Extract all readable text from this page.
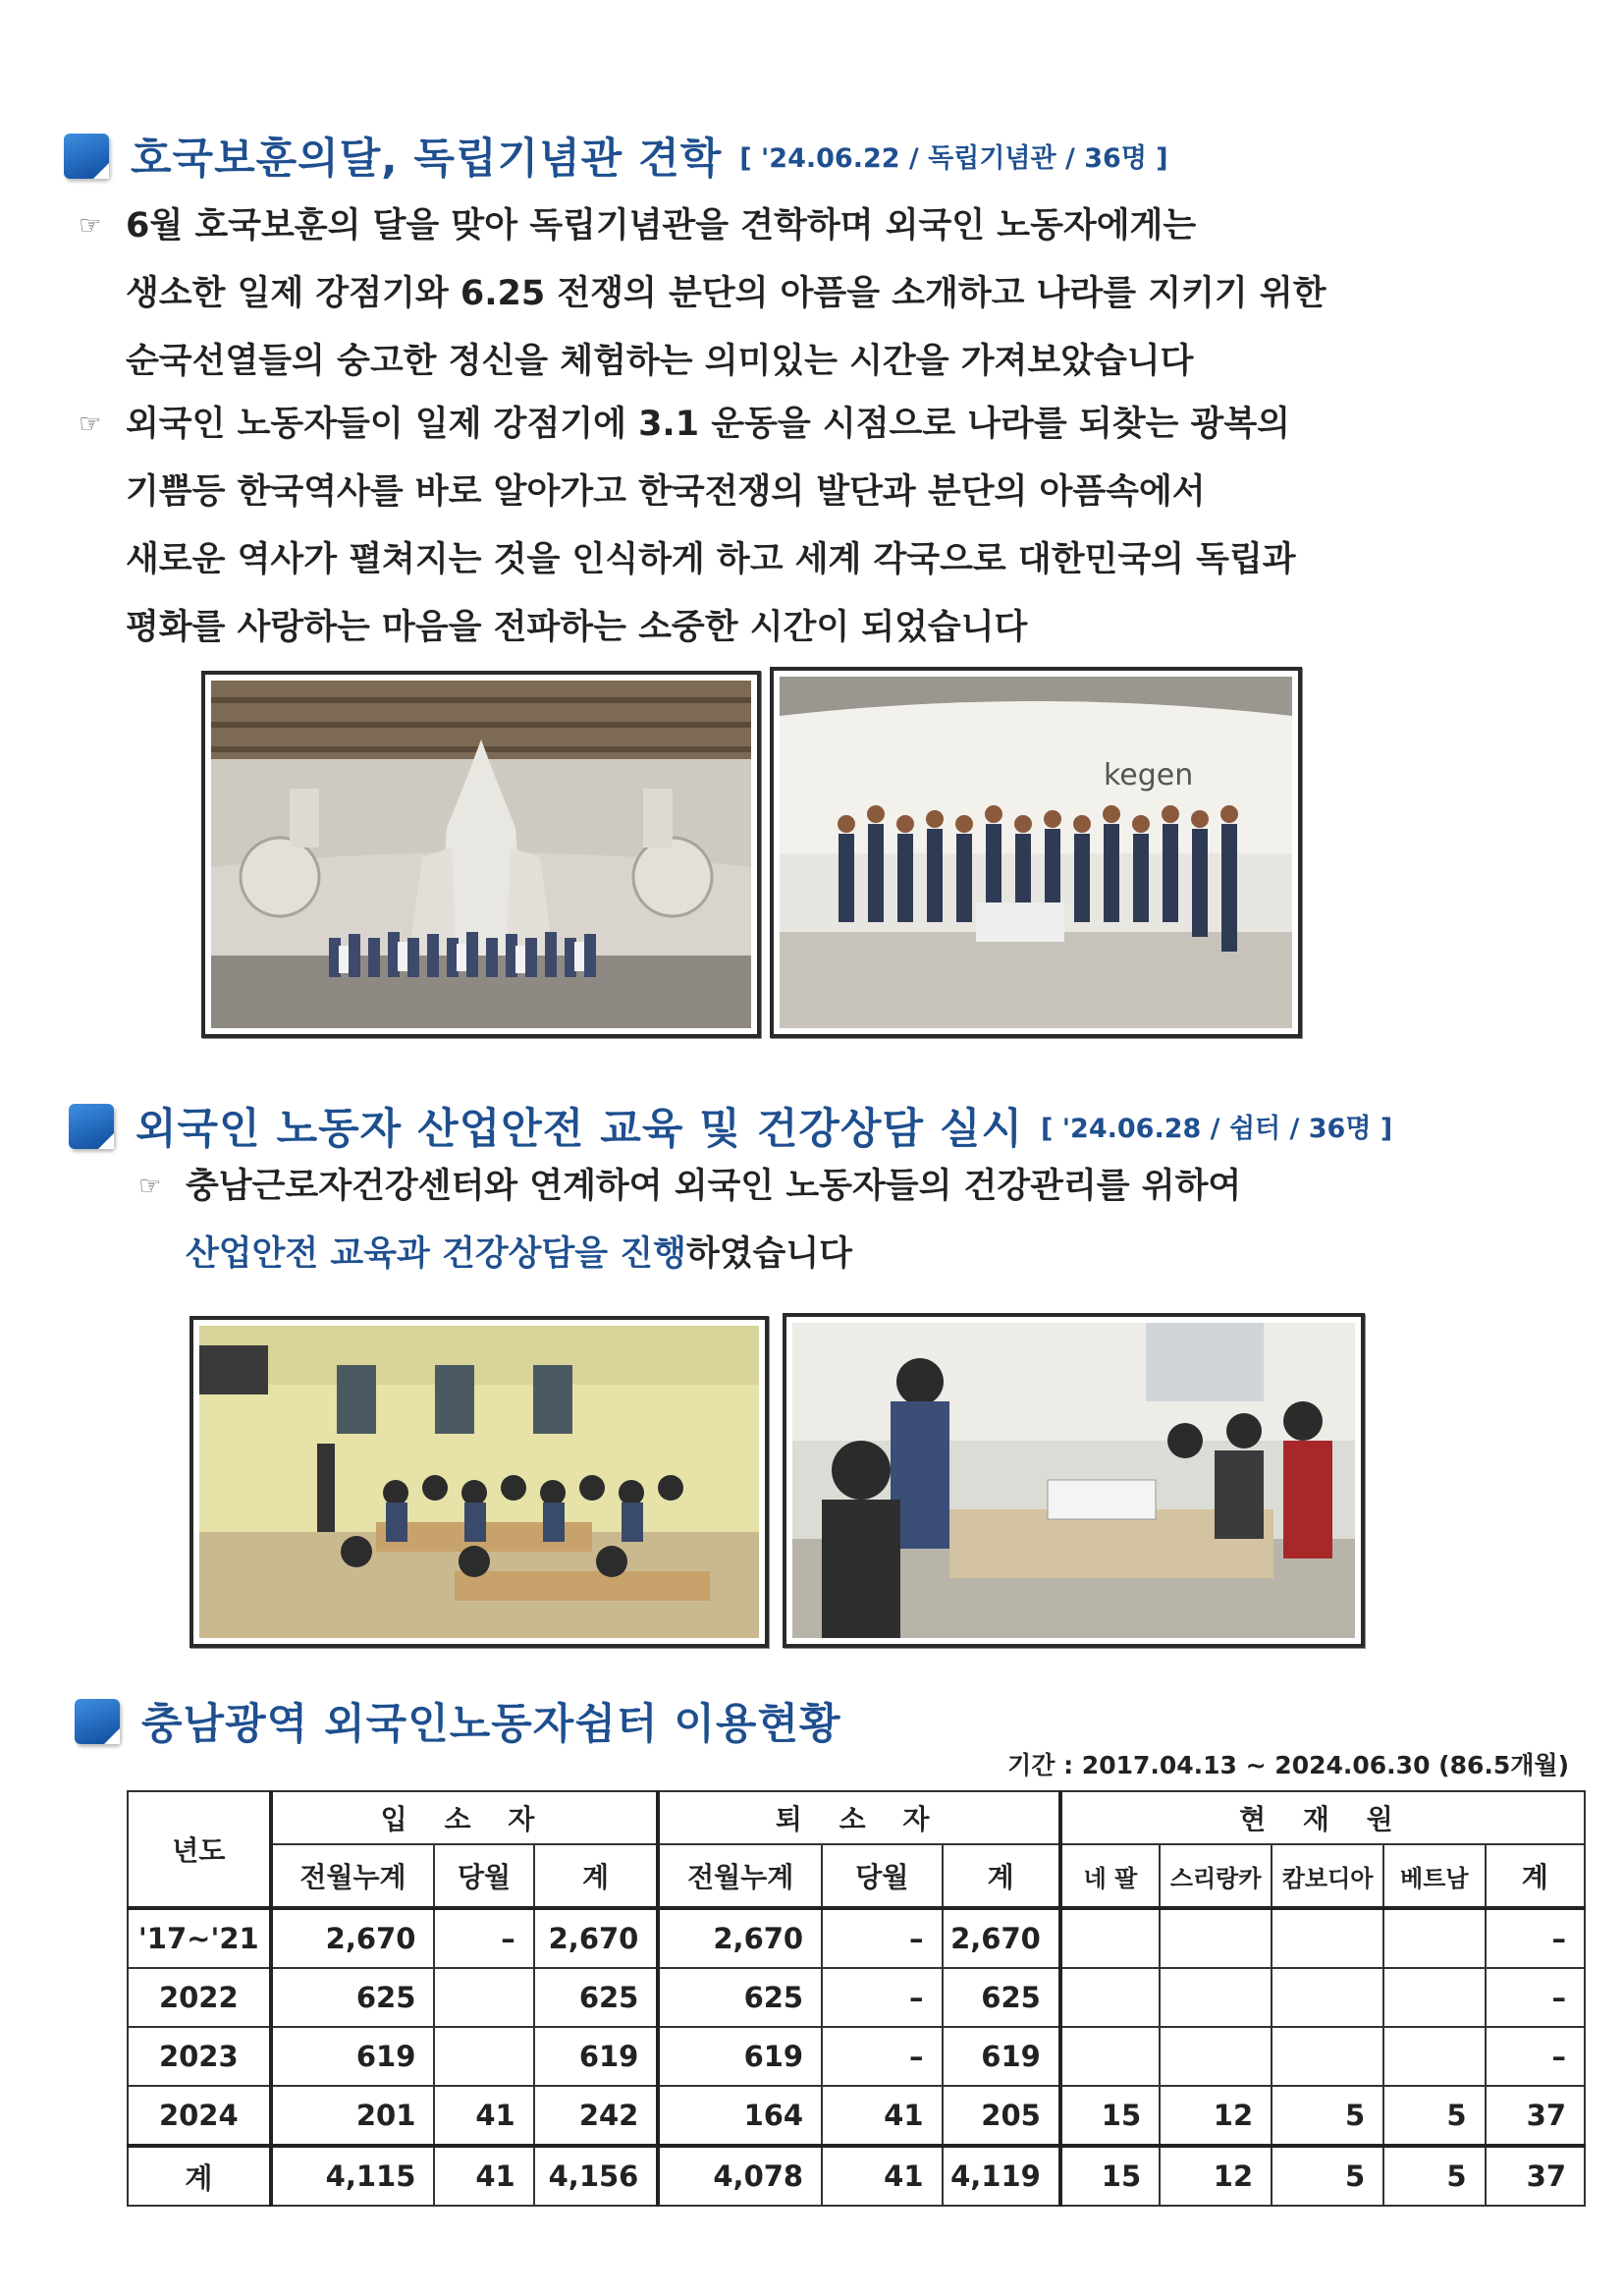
호국보훈의달, 독립기념관 견학 [ '24.06.22 / 독립기념관 / 36명 ]
☞ 6월 호국보훈의 달을 맞아 독립기념관을 견학하며 외국인 노동자에게는
생소한 일제 강점기와 6.25 전쟁의 분단의 아픔을 소개하고 나라를 지키기 위한
순국선열들의 숭고한 정신을 체험하는 의미있는 시간을 가져보았습니다
☞ 외국인 노동자들이 일제 강점기에 3.1 운동을 시점으로 나라를 되찾는 광복의
기쁨등 한국역사를 바로 알아가고 한국전쟁의 발단과 분단의 아픔속에서
새로운 역사가 펼쳐지는 것을 인식하게 하고 세계 각국으로 대한민국의 독립과
평화를 사랑하는 마음을 전파하는 소중한 시간이 되었습니다
kegen
외국인 노동자 산업안전 교육 및 건강상담 실시 [ '24.06.28 / 쉼터 / 36명 ]
☞ 충남근로자건강센터와 연계하여 외국인 노동자들의 건강관리를 위하여
산업안전 교육과 건강상담을 진행하였습니다
충남광역 외국인노동자쉼터 이용현황
기간 : 2017.04.13 ~ 2024.06.30 (86.5개월)
년도	입 소 자			퇴 소 자			현 재 원				
	전월누계	당월	계	전월누계	당월	계	네 팔	스리랑카	캄보디아	베트남	계
'17~'21	2,670	–	2,670	2,670	–	2,670					–
2022	625		625	625	–	625					–
2023	619		619	619	–	619					–
2024	201	41	242	164	41	205	15	12	5	5	37
계	4,115	41	4,156	4,078	41	4,119	15	12	5	5	37
